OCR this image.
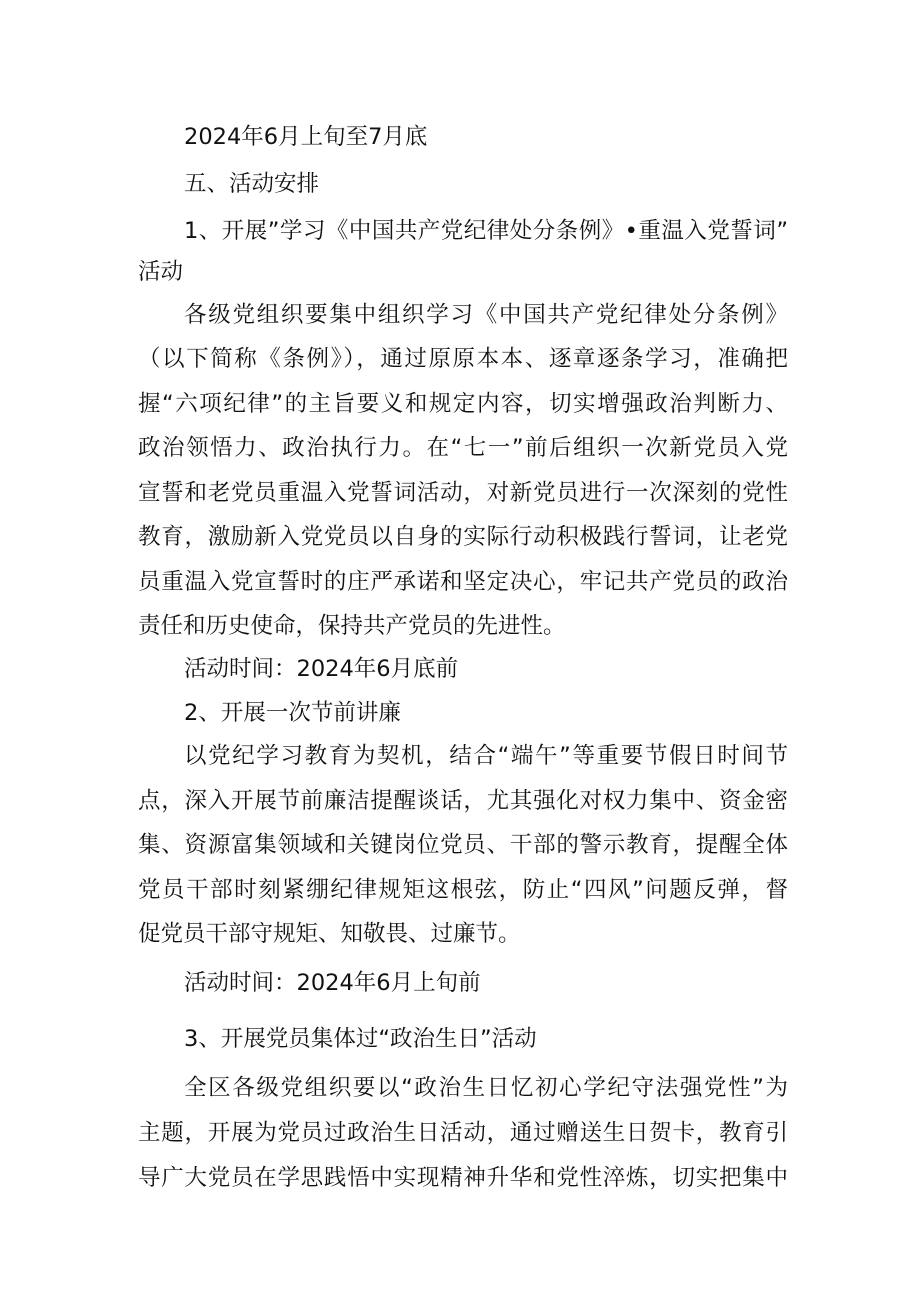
2024年6月上旬至7月底

五、活动安排

1、开展”学习《中国共产党纪律处分条例》•重温入党誓词”

活动

各级党组织要集中组织学习《中国共产党纪律处分条例》

（以下简称《条例》），通过原原本本、逐章逐条学习，准确把

握“六项纪律”的主旨要义和规定内容，切实增强政治判断力、

政治领悟力、政治执行力。在“七一”前后组织一次新党员入党

宣誓和老党员重温入党誓词活动，对新党员进行一次深刻的党性

教育，激励新入党党员以自身的实际行动积极践行誓词，让老党

员重温入党宣誓时的庄严承诺和坚定决心，牢记共产党员的政治

责任和历史使命，保持共产党员的先进性。

活动时间：2024年6月底前

2、开展一次节前讲廉

以党纪学习教育为契机，结合“端午”等重要节假日时间节

点，深入开展节前廉洁提醒谈话，尤其强化对权力集中、资金密

集、资源富集领域和关键岗位党员、干部的警示教育，提醒全体

党员干部时刻紧绷纪律规矩这根弦，防止“四风”问题反弹，督

促党员干部守规矩、知敬畏、过廉节。

活动时间：2024年6月上旬前

3、开展党员集体过“政治生日”活动

全区各级党组织要以“政治生日忆初心学纪守法强党性”为

主题，开展为党员过政治生日活动，通过赠送生日贺卡，教育引

导广大党员在学思践悟中实现精神升华和党性淬炼，切实把集中
